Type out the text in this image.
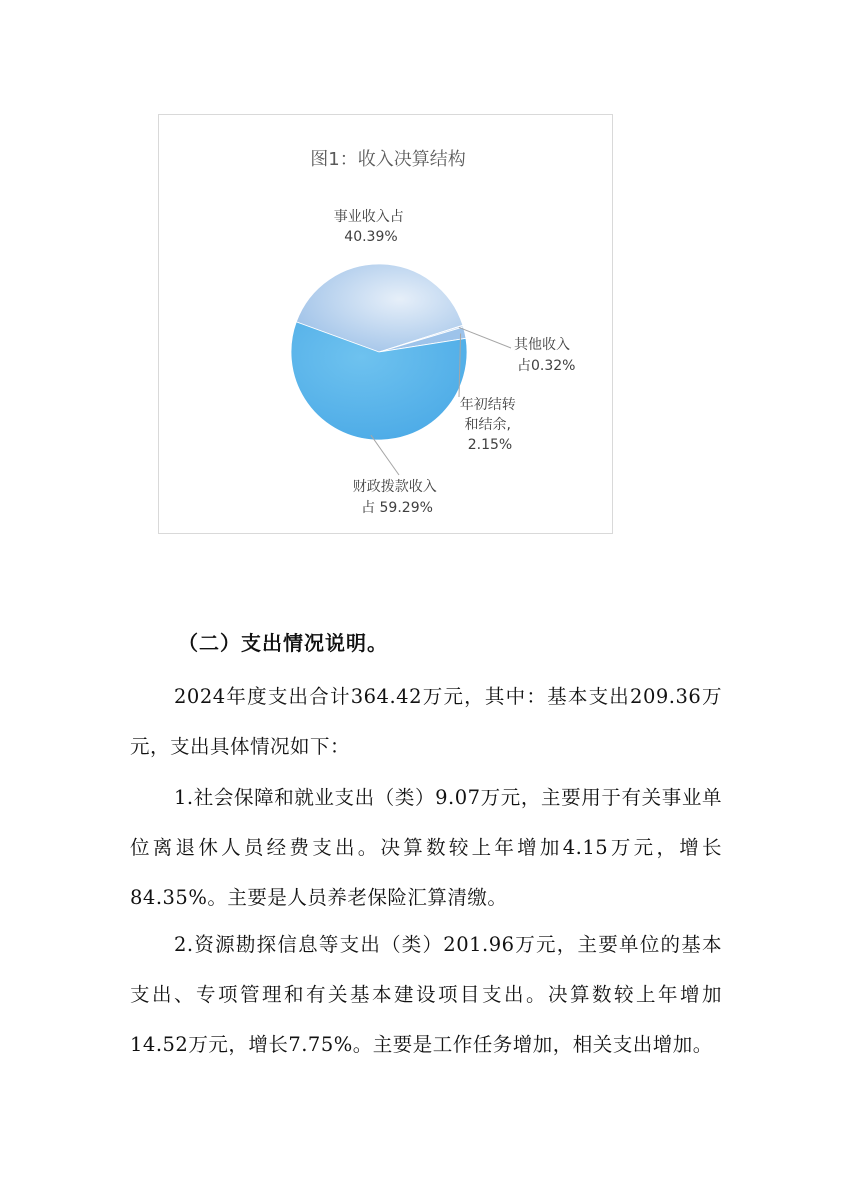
图1：收入决算结构
事业收入占 40.39%
其他收入 占0.32%
年初结转 和结余, 2.15%
财政拨款收入 占 59.29%
（二）支出情况说明。

2024年度支出合计364.42万元，其中：基本支出209.36万元，支出具体情况如下：

1.社会保障和就业支出（类）9.07万元，主要用于有关事业单位离退休人员经费支出。决算数较上年增加4.15万元，增长84.35%。主要是人员养老保险汇算清缴。

2.资源勘探信息等支出（类）201.96万元，主要单位的基本支出、专项管理和有关基本建设项目支出。决算数较上年增加14.52万元，增长7.75%。主要是工作任务增加，相关支出增加。
